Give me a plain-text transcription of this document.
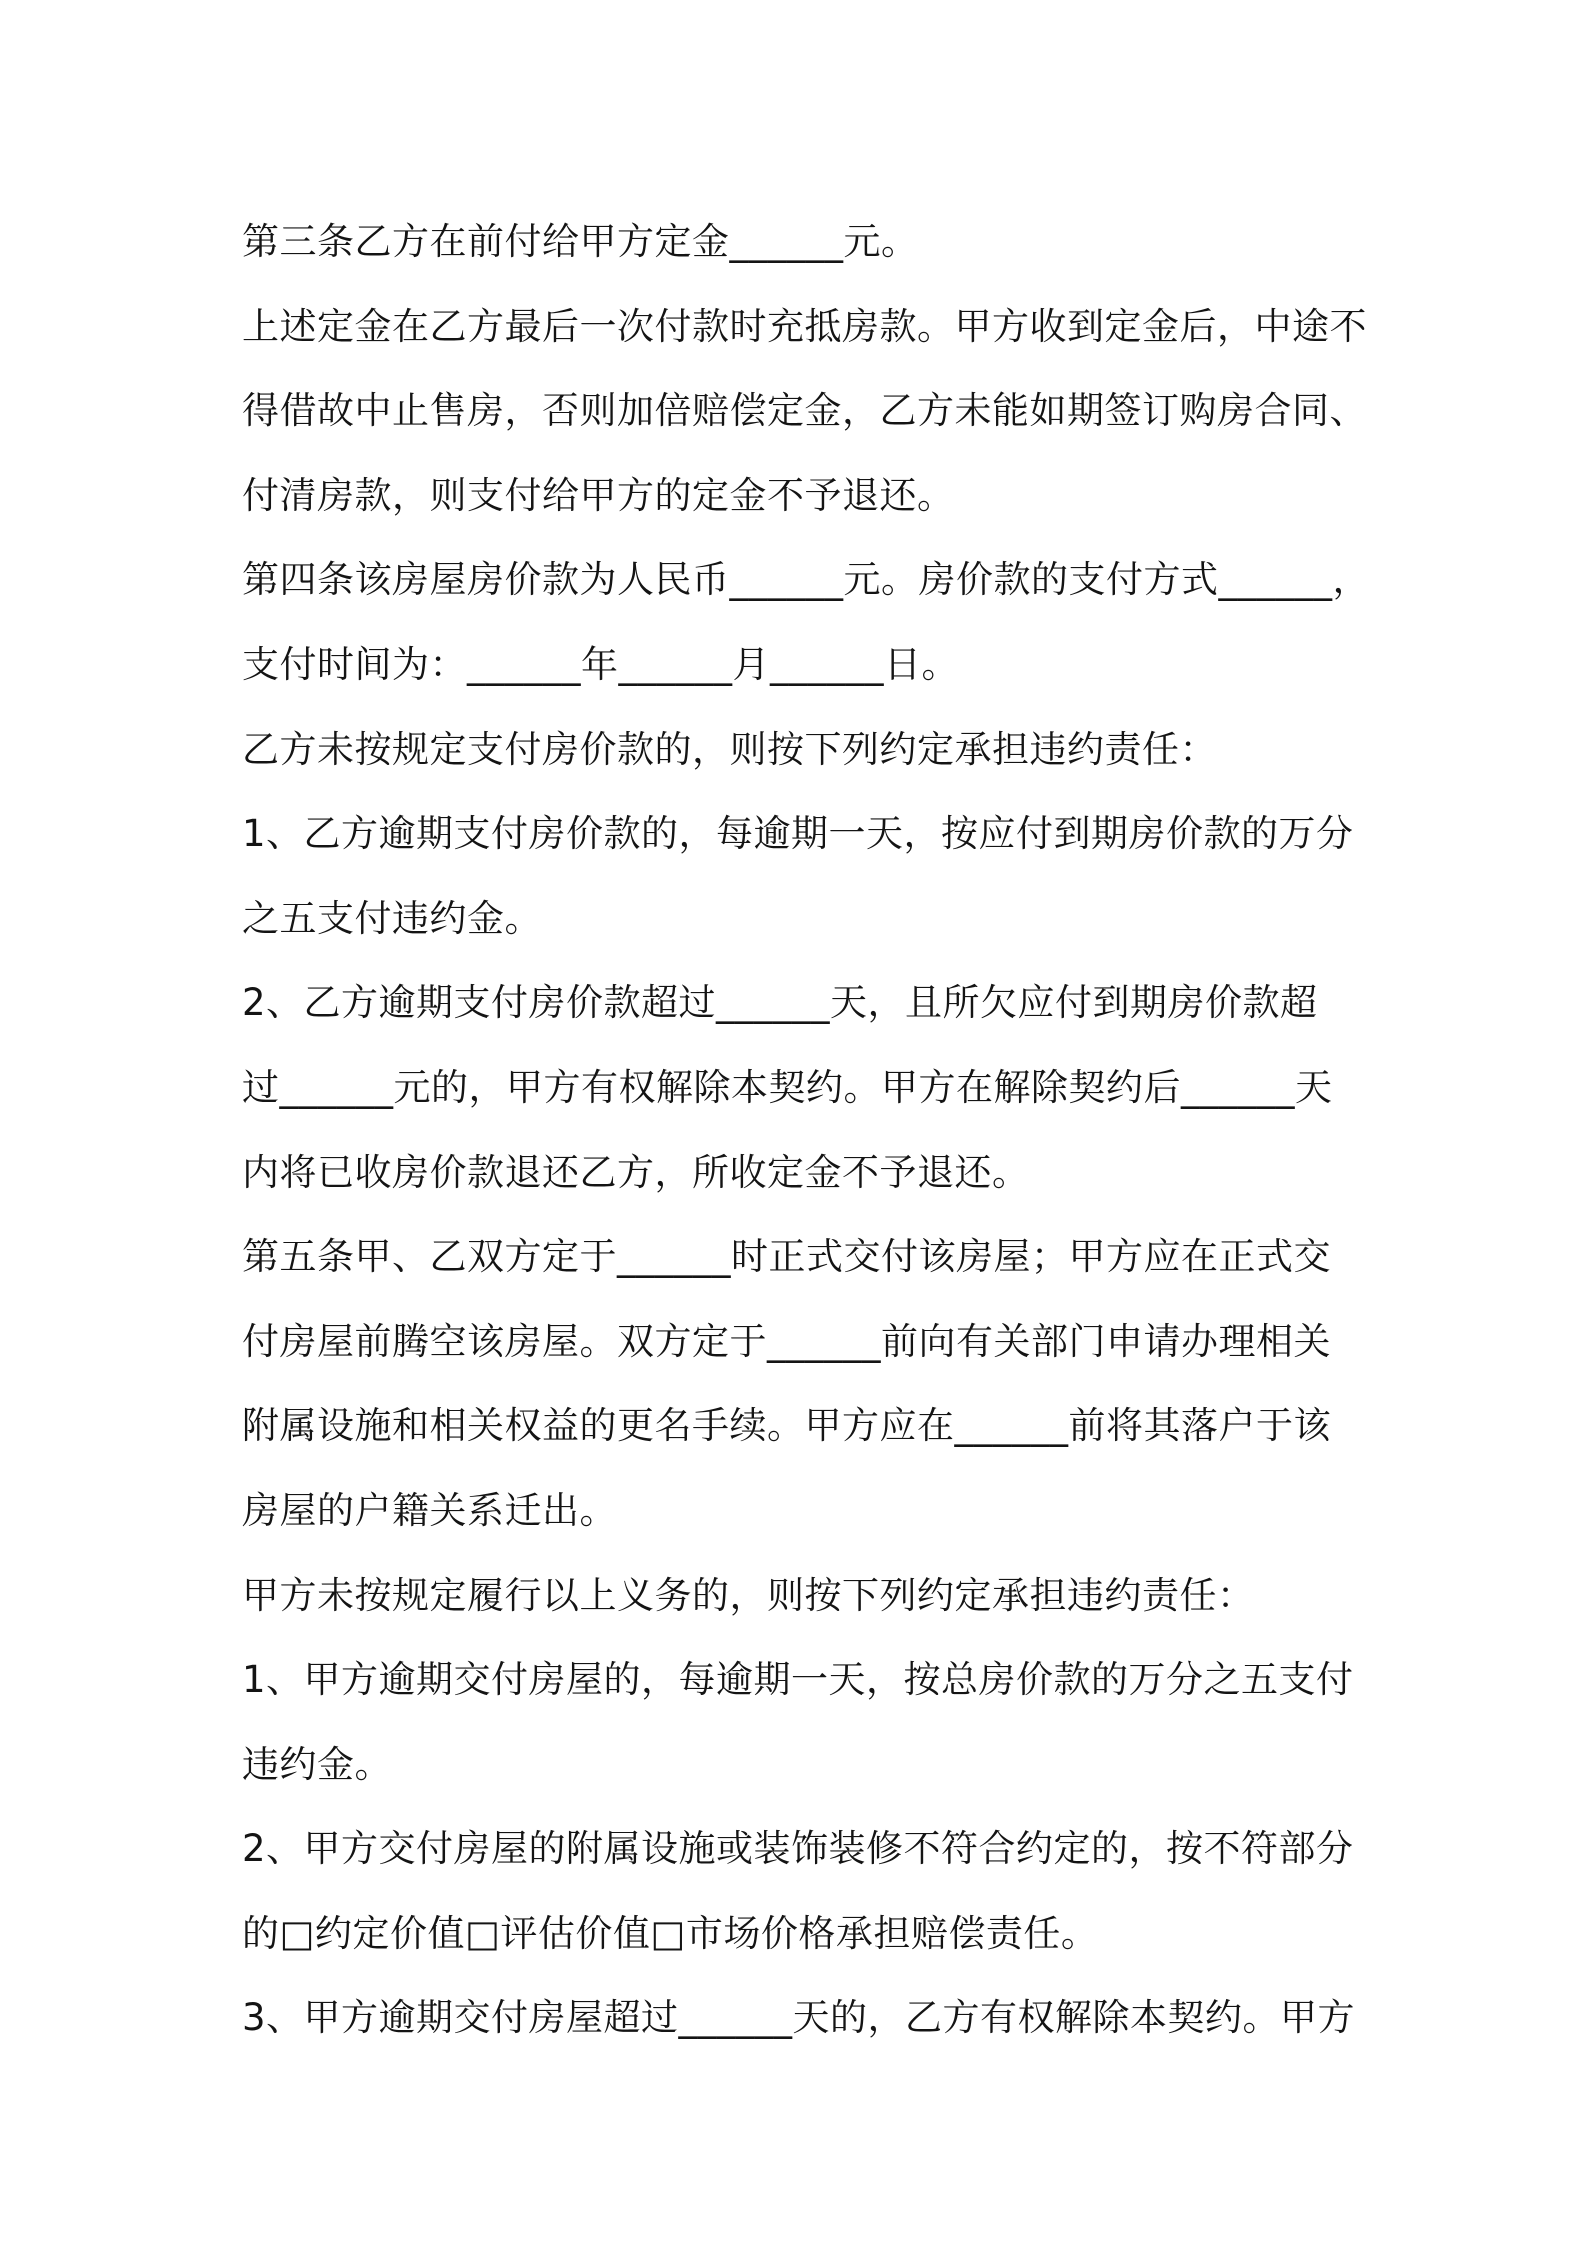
第三条乙方在前付给甲方定金______元。
上述定金在乙方最后一次付款时充抵房款。甲方收到定金后，中途不
得借故中止售房，否则加倍赔偿定金，乙方未能如期签订购房合同、
付清房款，则支付给甲方的定金不予退还。
第四条该房屋房价款为人民币______元。房价款的支付方式______，
支付时间为：______年______月______日。
乙方未按规定支付房价款的，则按下列约定承担违约责任：
1、乙方逾期支付房价款的，每逾期一天，按应付到期房价款的万分
之五支付违约金。
2、乙方逾期支付房价款超过______天，且所欠应付到期房价款超
过______元的，甲方有权解除本契约。甲方在解除契约后______天
内将已收房价款退还乙方，所收定金不予退还。
第五条甲、乙双方定于______时正式交付该房屋；甲方应在正式交
付房屋前腾空该房屋。双方定于______前向有关部门申请办理相关
附属设施和相关权益的更名手续。甲方应在______前将其落户于该
房屋的户籍关系迁出。
甲方未按规定履行以上义务的，则按下列约定承担违约责任：
1、甲方逾期交付房屋的，每逾期一天，按总房价款的万分之五支付
违约金。
2、甲方交付房屋的附属设施或装饰装修不符合约定的，按不符部分
的□约定价值□评估价值□市场价格承担赔偿责任。
3、甲方逾期交付房屋超过______天的，乙方有权解除本契约。甲方
